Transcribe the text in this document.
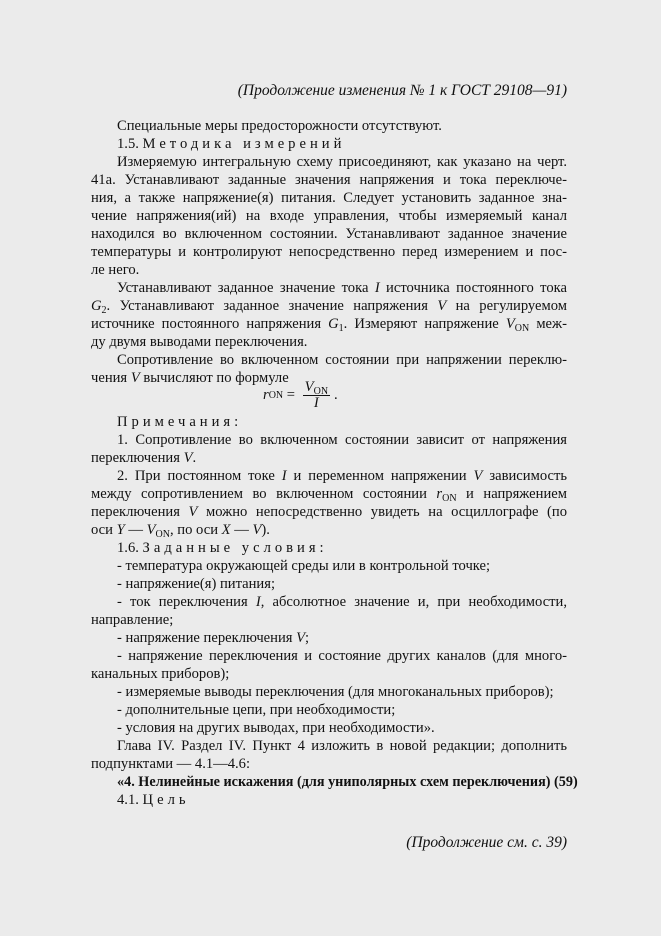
(Продолжение изменения № 1 к ГОСТ 29108—91)
Специальные меры предосторожности отсутствуют.
1.5. Методика измерений
Измеряемую интегральную схему присоединяют, как указано на черт.
41а. Устанавливают заданные значения напряжения и тока переключе-
ния, а также напряжение(я) питания. Следует установить заданное зна-
чение напряжения(ий) на входе управления, чтобы измеряемый канал
находился во включенном состоянии. Устанавливают заданное значение
температуры и контролируют непосредственно перед измерением и пос-
ле него.
Устанавливают заданное значение тока I источника постоянного тока
$G_2$. Устанавливают заданное значение напряжения V на регулируемом
источнике постоянного напряжения $G_1$. Измеряют напряжение $V_{ON}$ меж-
ду двумя выводами переключения.
Сопротивление во включенном состоянии при напряжении переклю-
чения V вычисляют по формуле
r ON = $\frac{V_{ON}}{I}$ .
Примечания:
1. Сопротивление во включенном состоянии зависит от напряжения
переключения V.
2. При постоянном токе I и переменном напряжении V зависимость
между сопротивлением во включенном состоянии $r_{ON}$ и напряжением
переключения V можно непосредственно увидеть на осциллографе (по
оси Y — $V_{ON}$, по оси X — V).
1.6. Заданные условия:
- температура окружающей среды или в контрольной точке;
- напряжение(я) питания;
- ток переключения I, абсолютное значение и, при необходимости,
направление;
- напряжение переключения V;
- напряжение переключения и состояние других каналов (для много-
канальных приборов);
- измеряемые выводы переключения (для многоканальных приборов);
- дополнительные цепи, при необходимости;
- условия на других выводах, при необходимости».
Глава IV. Раздел IV. Пункт 4 изложить в новой редакции; дополнить
подпунктами — 4.1—4.6:
«4. Нелинейные искажения (для униполярных схем переключения) (59)
4.1. Цель
(Продолжение см. с. 39)
